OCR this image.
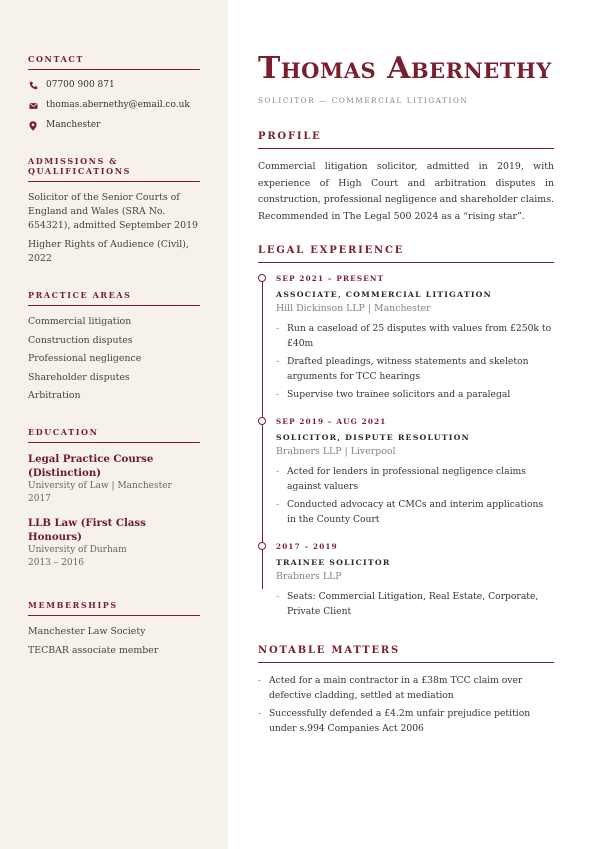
CONTACT
07700 900 871
thomas.abernethy@email.co.uk
Manchester
ADMISSIONS & QUALIFICATIONS
Solicitor of the Senior Courts of England and Wales (SRA No. 654321), admitted September 2019
Higher Rights of Audience (Civil), 2022
PRACTICE AREAS
Commercial litigation
Construction disputes
Professional negligence
Shareholder disputes
Arbitration
EDUCATION
Legal Practice Course (Distinction)
University of Law | Manchester
2017
LLB Law (First Class Honours)
University of Durham
2013 – 2016
MEMBERSHIPS
Manchester Law Society
TECBAR associate member
Thomas Abernethy
SOLICITOR — COMMERCIAL LITIGATION
PROFILE

Commercial litigation solicitor, admitted in 2019, with experience of High Court and arbitration disputes in construction, professional negligence and shareholder claims. Recommended in The Legal 500 2024 as a “rising star”.

LEGAL EXPERIENCE
SEP 2021 – PRESENT
ASSOCIATE, COMMERCIAL LITIGATION
Hill Dickinson LLP | Manchester
- Run a caseload of 25 disputes with values from £250k to £40m
- Drafted pleadings, witness statements and skeleton arguments for TCC hearings
- Supervise two trainee solicitors and a paralegal
SEP 2019 – AUG 2021
SOLICITOR, DISPUTE RESOLUTION
Brabners LLP | Liverpool
- Acted for lenders in professional negligence claims against valuers
- Conducted advocacy at CMCs and interim applications in the County Court
2017 – 2019
TRAINEE SOLICITOR
Brabners LLP
- Seats: Commercial Litigation, Real Estate, Corporate, Private Client
NOTABLE MATTERS
- Acted for a main contractor in a £38m TCC claim over defective cladding, settled at mediation
- Successfully defended a £4.2m unfair prejudice petition under s.994 Companies Act 2006
